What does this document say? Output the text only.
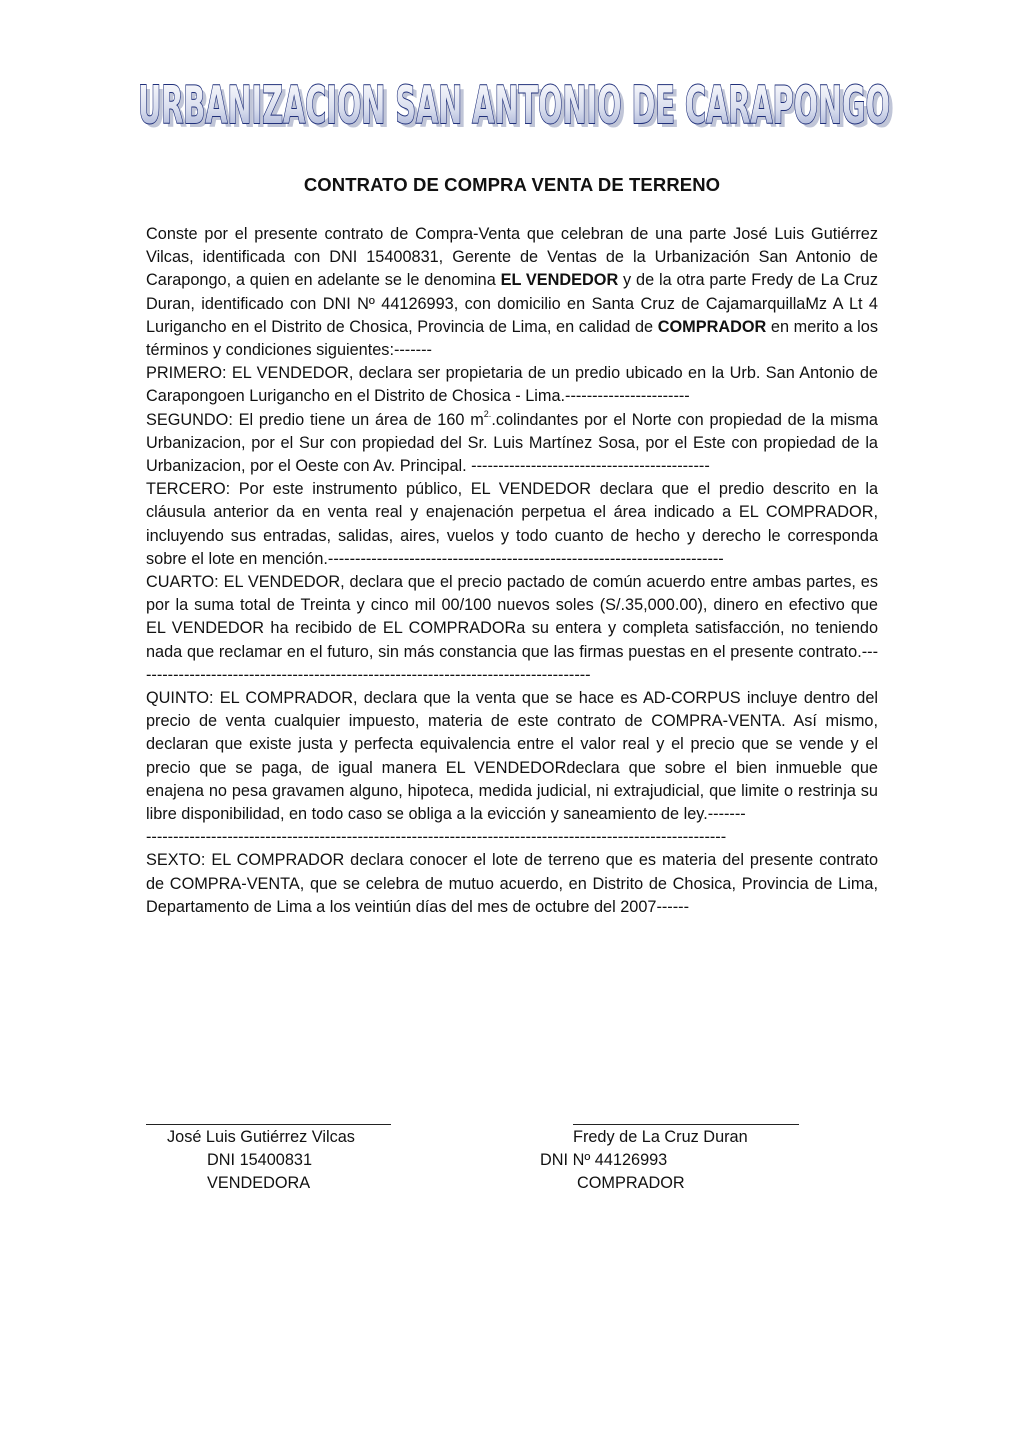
URBANIZACION SAN ANTONIO DE CARAPONGO
URBANIZACION SAN ANTONIO DE CARAPONGO
CONTRATO DE COMPRA VENTA DE TERRENO

Conste por el presente contrato de Compra-Venta que celebran de una parte José Luis Gutiérrez Vilcas, identificada con DNI 15400831, Gerente de Ventas de la Urbanización San Antonio de Carapongo, a quien en adelante se le denomina EL VENDEDOR y de la otra parte Fredy de La Cruz Duran, identificado con DNI Nº 44126993, con domicilio en Santa Cruz de CajamarquillaMz A Lt 4 Lurigancho en el Distrito de Chosica, Provincia de Lima, en calidad de COMPRADOR en merito a los términos y condiciones siguientes:-------

PRIMERO: EL VENDEDOR, declara ser propietaria de un predio ubicado en la Urb. San Antonio de Carapongoen Lurigancho en el Distrito de Chosica - Lima.-----------------------

SEGUNDO: El predio tiene un área de 160 $m^{2.}.colindantes$ por el Norte con propiedad de la misma Urbanizacion, por el Sur con propiedad del Sr. Luis Martínez Sosa, por el Este con propiedad de la Urbanizacion, por el Oeste con Av. Principal. --------------------------------------------

TERCERO: Por este instrumento público, EL VENDEDOR declara que el predio descrito en la cláusula anterior da en venta real y enajenación perpetua el área indicado a EL COMPRADOR, incluyendo sus entradas, salidas, aires, vuelos y todo cuanto de hecho y derecho le corresponda sobre el lote en mención.-------------------------------------------------------------------------

CUARTO: EL VENDEDOR, declara que el precio pactado de común acuerdo entre ambas partes, es por la suma total de Treinta y cinco mil 00/100 nuevos soles (S/.35,000.00), dinero en efectivo que EL VENDEDOR ha recibido de EL COMPRADORa su entera y completa satisfacción, no teniendo nada que reclamar en el futuro, sin más constancia que las firmas puestas en el presente contrato.-------------------------------------------------------------------------------------

QUINTO: EL COMPRADOR, declara que la venta que se hace es AD-CORPUS incluye dentro del precio de venta cualquier impuesto, materia de este contrato de COMPRA-VENTA. Así mismo, declaran que existe justa y perfecta equivalencia entre el valor real y el precio que se vende y el precio que se paga, de igual manera EL VENDEDORdeclara que sobre el bien inmueble que enajena no pesa gravamen alguno, hipoteca, medida judicial, ni extrajudicial, que limite o restrinja su libre disponibilidad, en todo caso se obliga a la evicción y saneamiento de ley.-------

-----------------------------------------------------------------------------------------------------------

SEXTO: EL COMPRADOR declara conocer el lote de terreno que es materia del presente contrato de COMPRA-VENTA, que se celebra de mutuo acuerdo, en Distrito de Chosica, Provincia de Lima, Departamento de Lima a los veintiún días del mes de octubre del 2007------

José Luis Gutiérrez Vilcas
DNI 15400831
VENDEDORA
Fredy de La Cruz Duran
DNI Nº 44126993
COMPRADOR
